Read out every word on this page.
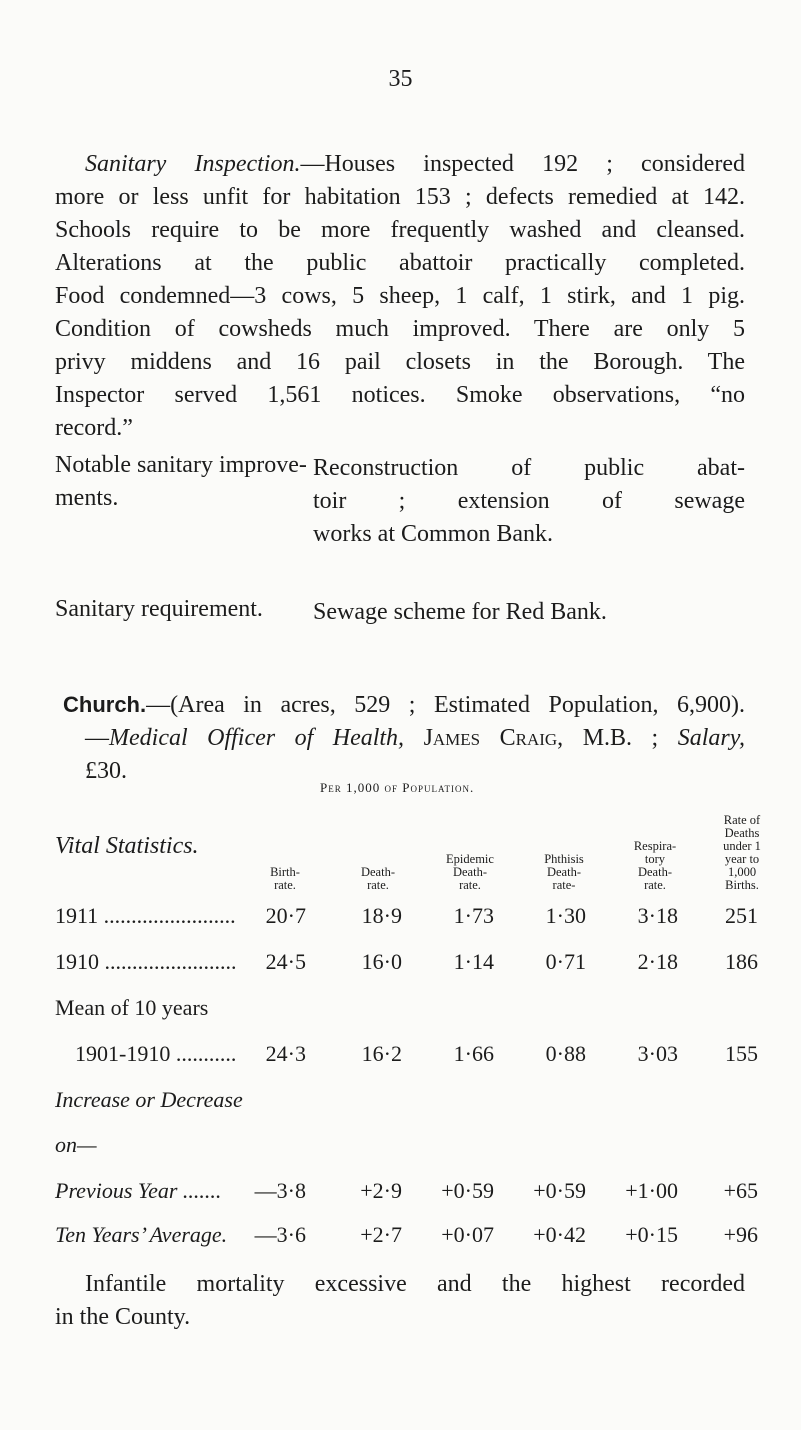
35
Sanitary Inspection.—Houses inspected 192 ; considered
more or less unfit for habitation 153 ; defects remedied at 142.
Schools require to be more frequently washed and cleansed.
Alterations at the public abattoir practically completed.
Food condemned—3 cows, 5 sheep, 1 calf, 1 stirk, and 1 pig.
Condition of cowsheds much improved. There are only 5
privy middens and 16 pail closets in the Borough. The
Inspector served 1,561 notices. Smoke observations, “no
record.”
Notable sanitary improve-
ments.
Reconstruction of public abat-
toir ; extension of sewage
works at Common Bank.
Sanitary requirement. Sewage scheme for Red Bank.
Church.—(Area in acres, 529 ; Estimated Population, 6,900).
—Medical Officer of Health, James Craig, M.B. ; Salary,
£30.
Vital Statistics.
Per 1,000 of Population.
Birth-
rate.
Death-
rate.
Epidemic
Death-
rate.
Phthisis
Death-
rate-
Respira-
tory
Death-
rate.
Rate of
Deaths
under 1
year to
1,000
Births.
1911 ........................	20·7	18·9	1·73	1·30	3·18	251
1910 ........................	24·5	16·0	1·14	0·71	2·18	186
Mean of 10 years
1901-1910 ...........	24·3	16·2	1·66	0·88	3·03	155
Increase or Decrease
on—
Previous Year .......	—3·8	+2·9	+0·59	+0·59	+1·00	+65
Ten Years’ Average.	—3·6	+2·7	+0·07	+0·42	+0·15	+96
Infantile mortality excessive and the highest recorded
in the County.
